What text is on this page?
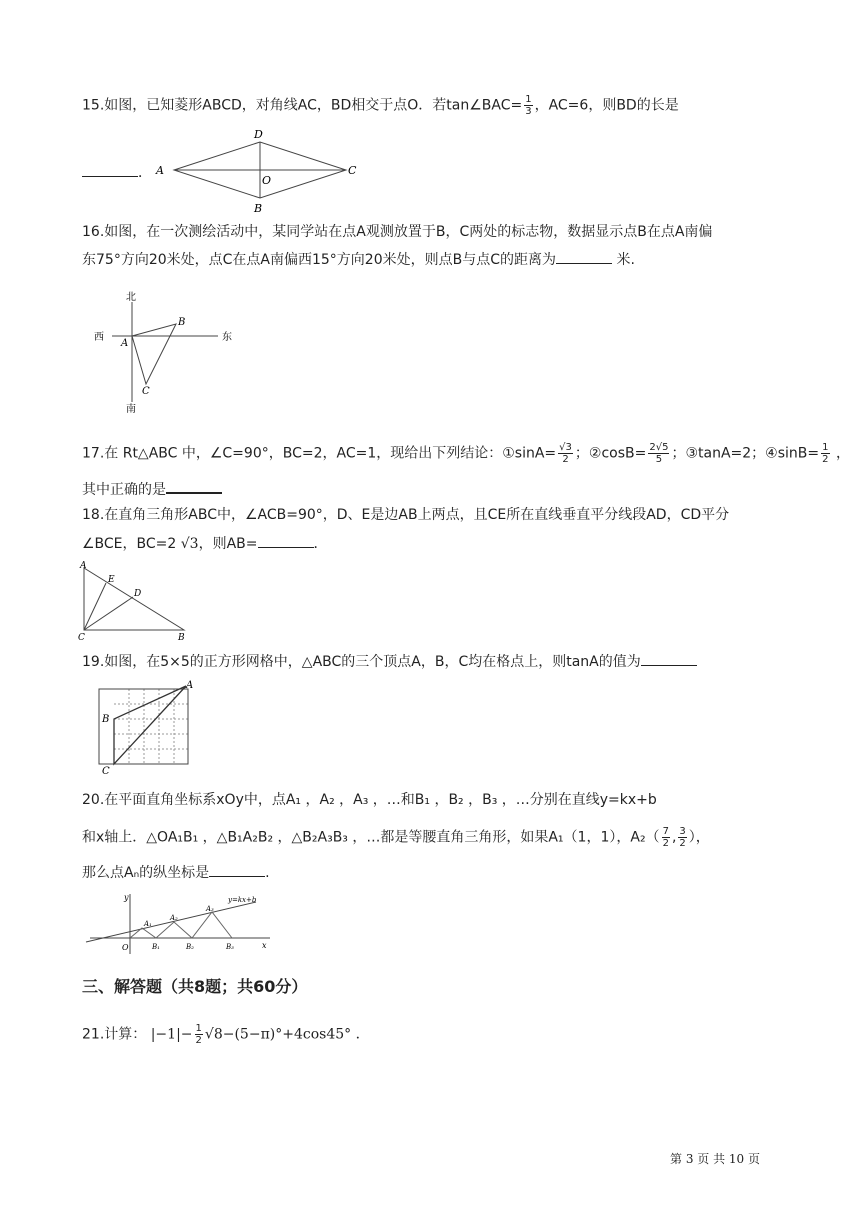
15.如图，已知菱形ABCD，对角线AC，BD相交于点O．若tan∠BAC= $\frac{1}{3}$ ，AC=6，则BD的长是
． A
D
C
B
O
16.如图，在一次测绘活动中，某同学站在点A观测放置于B，C两处的标志物，数据显示点B在点A南偏
东75°方向20米处，点C在点A南偏西15°方向20米处，则点B与点C的距离为	米.
北
南
西	东
A
B
C
17.在 Rt△ABC 中，∠C=90°，BC=2，AC=1，现给出下列结论：①sinA= $\frac{√3}{2}$ ；②cosB= $\frac{2√5}{5}$ ；③tanA=2；④sinB= $\frac{1}{2}$ ，
其中正确的是
18.在直角三角形ABC中，∠ACB=90°，D、E是边AB上两点，且CE所在直线垂直平分线段AD，CD平分
∠BCE，BC=2 √3，则AB=	．
A
E
D
C	B
19.如图，在5×5的正方形网格中，△ABC的三个顶点A，B，C均在格点上，则tanA的值为
A
B
C
20.在平面直角坐标系xOy中，点A₁ ，A₂ ，A₃ ，…和B₁ ，B₂ ，B₃ ，…分别在直线y=kx+b
和x轴上．△OA₁B₁ ，△B₁A₂B₂ ，△B₂A₃B₃ ，…都是等腰直角三角形，如果A₁（1，1），$A_2( \frac{7}{2}$ , $\frac{3}{2}$ ），
那么点Aₙ的纵坐标是	.
y
x
O
A₁
A₂
A₃
B₁	B₂	B₃
y=kx+b
三、解答题（共8题；共60分）
21.计算： $|-1|- \frac{1}{2} √8-(5-\pi)^\circ+4\cos 45^\circ$ ．
第 3 页 共 10 页
